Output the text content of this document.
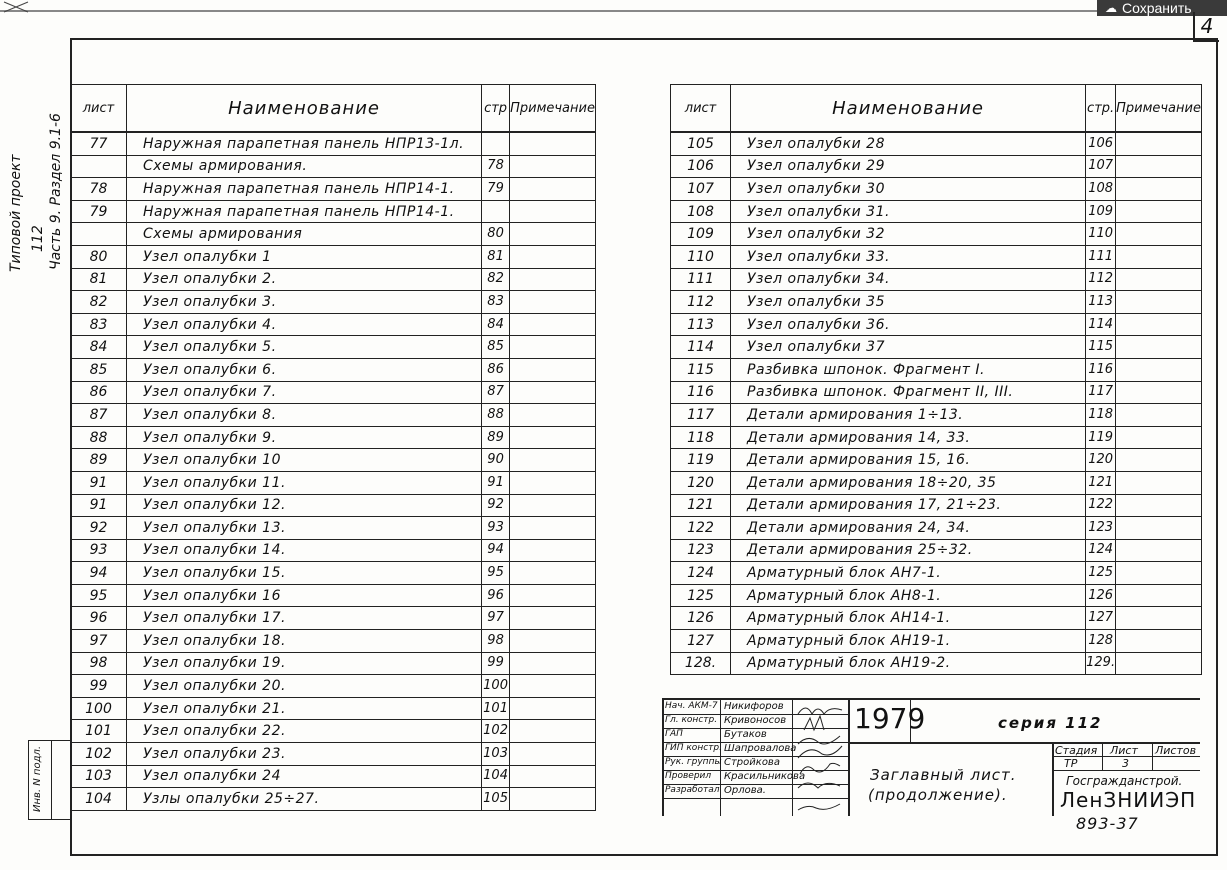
☁ Сохранить
4
Типовой проект 112 Часть 9. Раздел 9.1-6
Инв. N подл.
лист	Наименование	стр	Примечание
77	Наружная парапетная панель НПР13-1л.		
	Схемы армирования.	78	
78	Наружная парапетная панель НПР14-1.	79	
79	Наружная парапетная панель НПР14-1.		
	Схемы армирования	80	
80	Узел опалубки 1	81	
81	Узел опалубки 2.	82	
82	Узел опалубки 3.	83	
83	Узел опалубки 4.	84	
84	Узел опалубки 5.	85	
85	Узел опалубки 6.	86	
86	Узел опалубки 7.	87	
87	Узел опалубки 8.	88	
88	Узел опалубки 9.	89	
89	Узел опалубки 10	90	
91	Узел опалубки 11.	91	
91	Узел опалубки 12.	92	
92	Узел опалубки 13.	93	
93	Узел опалубки 14.	94	
94	Узел опалубки 15.	95	
95	Узел опалубки 16	96	
96	Узел опалубки 17.	97	
97	Узел опалубки 18.	98	
98	Узел опалубки 19.	99	
99	Узел опалубки 20.	100	
100	Узел опалубки 21.	101	
101	Узел опалубки 22.	102	
102	Узел опалубки 23.	103	
103	Узел опалубки 24	104	
104	Узлы опалубки 25÷27.	105	
лист	Наименование	стр.	Примечание
105	Узел опалубки 28	106	
106	Узел опалубки 29	107	
107	Узел опалубки 30	108	
108	Узел опалубки 31.	109	
109	Узел опалубки 32	110	
110	Узел опалубки 33.	111	
111	Узел опалубки 34.	112	
112	Узел опалубки 35	113	
113	Узел опалубки 36.	114	
114	Узел опалубки 37	115	
115	Разбивка шпонок. Фрагмент I.	116	
116	Разбивка шпонок. Фрагмент II, III.	117	
117	Детали армирования 1÷13.	118	
118	Детали армирования 14, 33.	119	
119	Детали армирования 15, 16.	120	
120	Детали армирования 18÷20, 35	121	
121	Детали армирования 17, 21÷23.	122	
122	Детали армирования 24, 34.	123	
123	Детали армирования 25÷32.	124	
124	Арматурный блок АН7-1.	125	
125	Арматурный блок АН8-1.	126	
126	Арматурный блок АН14-1.	127	
127	Арматурный блок АН19-1.	128	
128.	Арматурный блок АН19-2.	129.	
Нач. АКМ-7 Никифоров
Гл. констр. Кривоносов
ГАП	Бутаков
ГИП констр. Шапровалова
Рук. группы Стройкова
Проверил Красильникова
Разработал Орлова.
1979	серия 112
Заглавный лист.
(продолжение).
Стадия Лист Листов
ТР	3
Госгражданстрой.
ЛенЗНИИЭП
893-37
